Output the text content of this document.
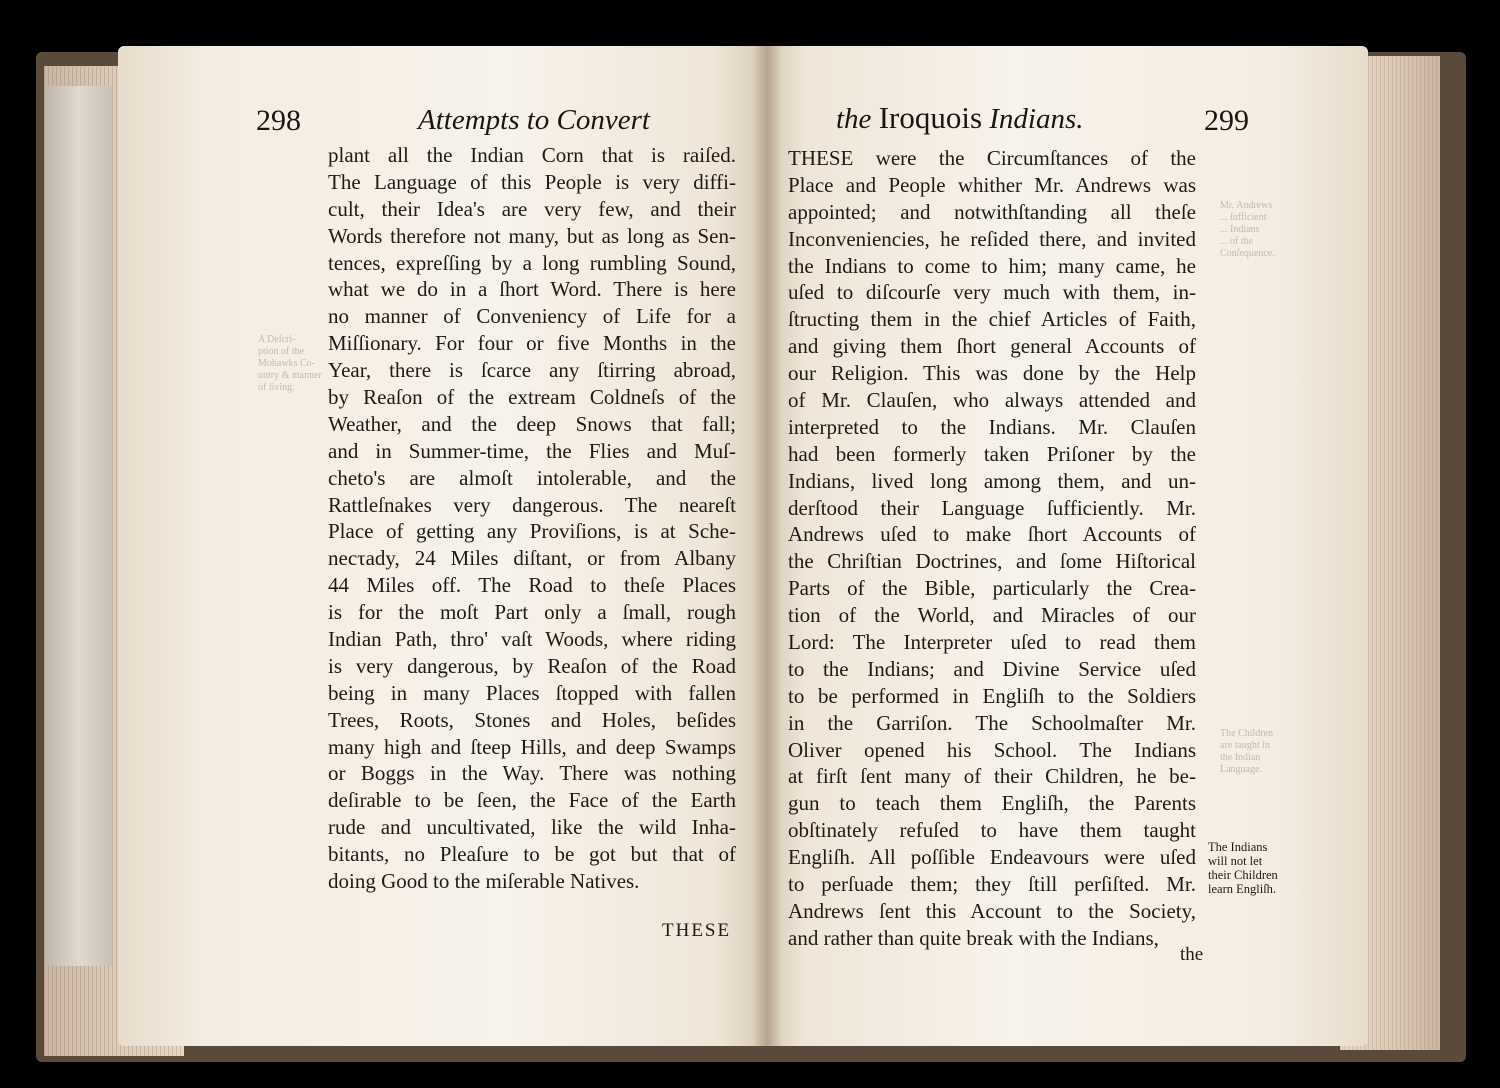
A Deſcri-
ption of the
Mohawks Co-
untry & manner
of living.
Mr. Andrews
... ſufficient
... Indians
... of the
Conſequence.
The Children
are taught in
the Indian
Language.
298	Attempts to Convert
plant all the Indian Corn that is raiſed.
The Language of this People is very diffi-
cult, their Idea's are very few, and their
Words therefore not many, but as long as Sen-
tences, expreſſing by a long rumbling Sound,
what we do in a ſhort Word. There is here
no manner of Conveniency of Life for a
Miſſionary. For four or five Months in the
Year, there is ſcarce any ſtirring abroad,
by Reaſon of the extream Coldneſs of the
Weather, and the deep Snows that fall;
and in Summer-time, the Flies and Muſ-
cheto's are almoſt intolerable, and the
Rattleſnakes very dangerous. The neareſt
Place of getting any Proviſions, is at Sche-
necτady, 24 Miles diſtant, or from Albany
44 Miles off. The Road to theſe Places
is for the moſt Part only a ſmall, rough
Indian Path, thro' vaſt Woods, where riding
is very dangerous, by Reaſon of the Road
being in many Places ſtopped with fallen
Trees, Roots, Stones and Holes, beſides
many high and ſteep Hills, and deep Swamps
or Boggs in the Way. There was nothing
deſirable to be ſeen, the Face of the Earth
rude and uncultivated, like the wild Inha-
bitants, no Pleaſure to be got but that of
doing Good to the miſerable Natives.
THESE
the Iroquois Indians.	299
THESE were the Circumſtances of the
Place and People whither Mr. Andrews was
appointed; and notwithſtanding all theſe
Inconveniencies, he reſided there, and invited
the Indians to come to him; many came, he
uſed to diſcourſe very much with them, in-
ſtructing them in the chief Articles of Faith,
and giving them ſhort general Accounts of
our Religion. This was done by the Help
of Mr. Clauſen, who always attended and
interpreted to the Indians. Mr. Clauſen
had been formerly taken Priſoner by the
Indians, lived long among them, and un-
derſtood their Language ſufficiently. Mr.
Andrews uſed to make ſhort Accounts of
the Chriſtian Doctrines, and ſome Hiſtorical
Parts of the Bible, particularly the Crea-
tion of the World, and Miracles of our
Lord: The Interpreter uſed to read them
to the Indians; and Divine Service uſed
to be performed in Engliſh to the Soldiers
in the Garriſon. The Schoolmaſter Mr.
Oliver opened his School. The Indians
at firſt ſent many of their Children, he be-
gun to teach them Engliſh, the Parents
obſtinately refuſed to have them taught
Engliſh. All poſſible Endeavours were uſed
to perſuade them; they ſtill perſiſted. Mr.
Andrews ſent this Account to the Society,
and rather than quite break with the Indians,
the
The Indians
will not let
their Children
learn Engliſh.
